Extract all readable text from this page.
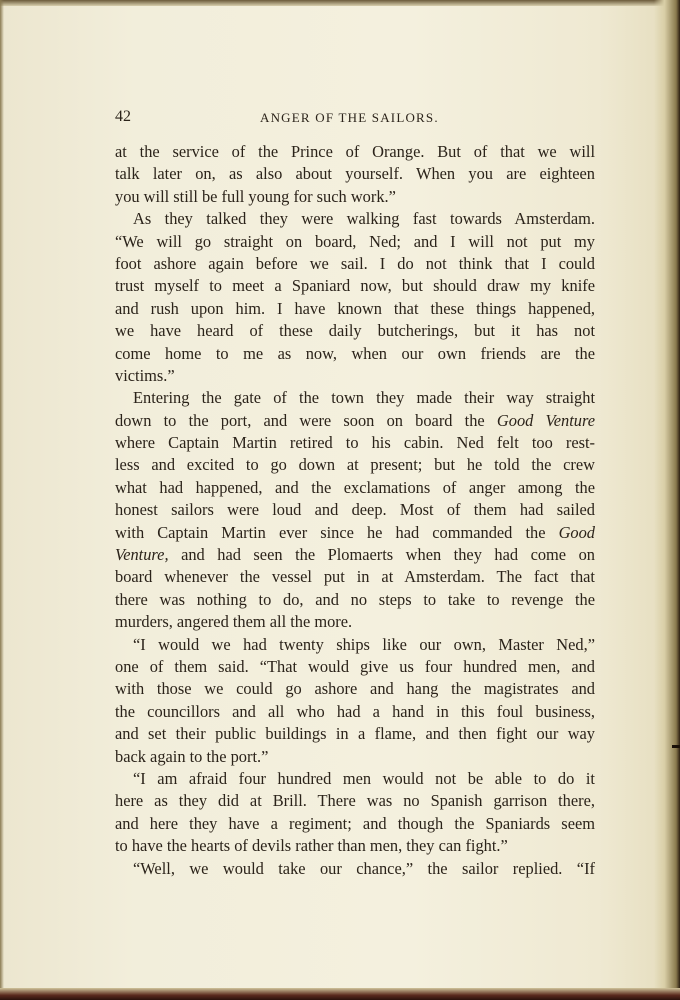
42	ANGER OF THE SAILORS.
at the service of the Prince of Orange. But of that we will
talk later on, as also about yourself. When you are eighteen
you will still be full young for such work.”
As they talked they were walking fast towards Amsterdam.
“We will go straight on board, Ned; and I will not put my
foot ashore again before we sail. I do not think that I could
trust myself to meet a Spaniard now, but should draw my knife
and rush upon him. I have known that these things happened,
we have heard of these daily butcherings, but it has not
come home to me as now, when our own friends are the
victims.”
Entering the gate of the town they made their way straight
down to the port, and were soon on board the Good Venture
where Captain Martin retired to his cabin. Ned felt too rest-
less and excited to go down at present; but he told the crew
what had happened, and the exclamations of anger among the
honest sailors were loud and deep. Most of them had sailed
with Captain Martin ever since he had commanded the Good
Venture, and had seen the Plomaerts when they had come on
board whenever the vessel put in at Amsterdam. The fact that
there was nothing to do, and no steps to take to revenge the
murders, angered them all the more.
“I would we had twenty ships like our own, Master Ned,”
one of them said. “That would give us four hundred men, and
with those we could go ashore and hang the magistrates and
the councillors and all who had a hand in this foul business,
and set their public buildings in a flame, and then fight our way
back again to the port.”
“I am afraid four hundred men would not be able to do it
here as they did at Brill. There was no Spanish garrison there,
and here they have a regiment; and though the Spaniards seem
to have the hearts of devils rather than men, they can fight.”
“Well, we would take our chance,” the sailor replied. “If
